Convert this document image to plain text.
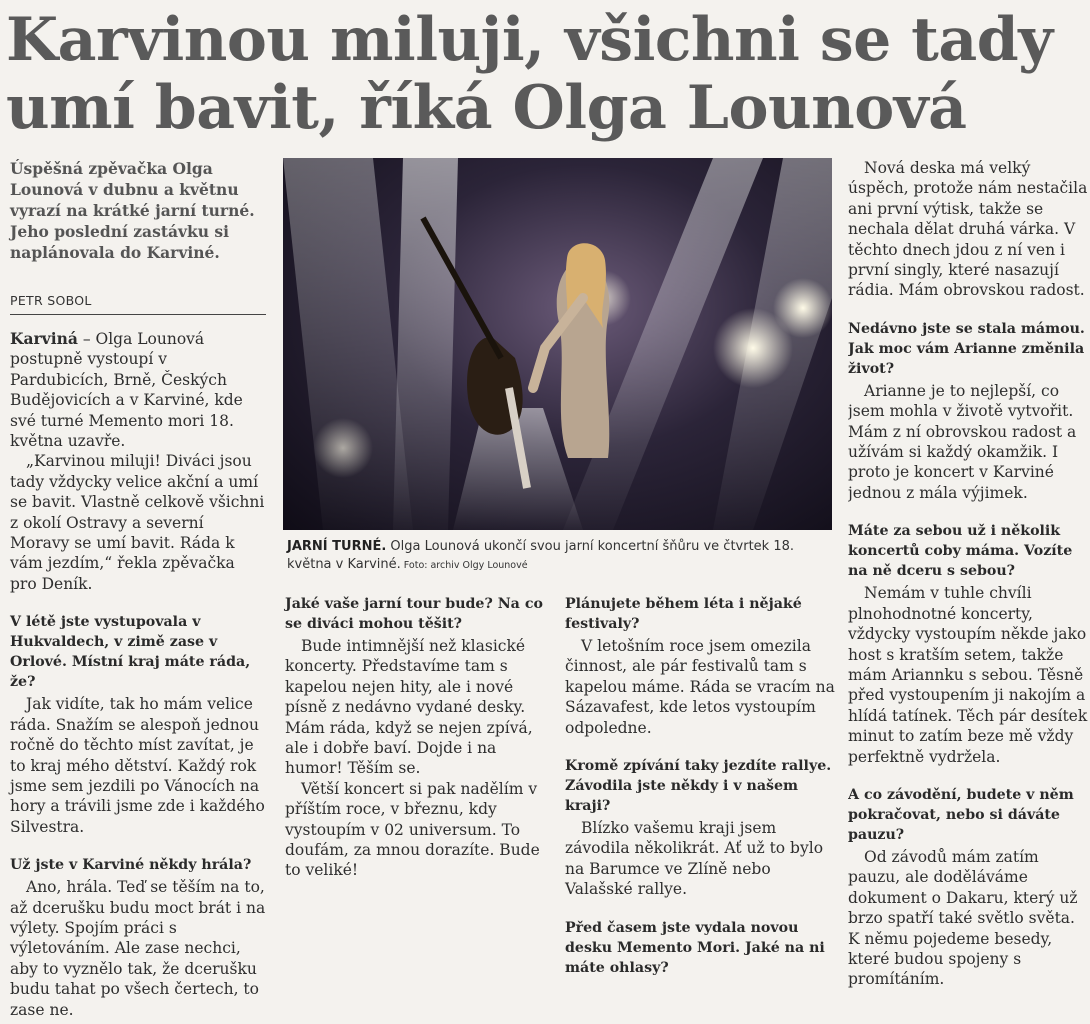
Karvinou miluji, všichni se tady
umí bavit, říká Olga Lounová

Úspěšná zpěvačka Olga Lounová v dubnu a květnu vyrazí na krátké jarní turné. Jeho poslední zastávku si naplánovala do Karviné.

PETR SOBOL

Karviná – Olga Lounová postupně vystoupí v Pardubicích, Brně, Českých Budějovicích a v Karviné, kde své turné Memento mori 18. května uzavře.

„Karvinou miluji! Diváci jsou tady vždycky velice akční a umí se bavit. Vlastně celkově všichni z okolí Ostravy a severní Moravy se umí bavit. Ráda k vám jezdím,“ řekla zpěvačka pro Deník.

V létě jste vystupovala v Hukvaldech, v zimě zase v Orlové. Místní kraj máte ráda, že?

Jak vidíte, tak ho mám velice ráda. Snažím se alespoň jednou ročně do těchto míst zavítat, je to kraj mého dětství. Každý rok jsme sem jezdili po Vánocích na hory a trávili jsme zde i každého Silvestra.

Už jste v Karviné někdy hrála?

Ano, hrála. Teď se těším na to, až dcerušku budu moct brát i na výlety. Spojím práci s výletováním. Ale zase nechci, aby to vyznělo tak, že dcerušku budu tahat po všech čertech, to zase ne.

JARNÍ TURNÉ. Olga Lounová ukončí svou jarní koncertní šňůru ve čtvrtek 18. května v Karviné. Foto: archiv Olgy Lounové

Jaké vaše jarní tour bude? Na co se diváci mohou těšit?

Bude intimnější než klasické koncerty. Představíme tam s kapelou nejen hity, ale i nové písně z nedávno vydané desky. Mám ráda, když se nejen zpívá, ale i dobře baví. Dojde i na humor! Těším se.

Větší koncert si pak nadělím v příštím roce, v březnu, kdy vystoupím v 02 universum. To doufám, za mnou dorazíte. Bude to veliké!

Plánujete během léta i nějaké festivaly?

V letošním roce jsem omezila činnost, ale pár festivalů tam s kapelou máme. Ráda se vracím na Sázavafest, kde letos vystoupím odpoledne.

Kromě zpívání taky jezdíte rallye. Závodila jste někdy i v našem kraji?

Blízko vašemu kraji jsem závodila několikrát. Ať už to bylo na Barumce ve Zlíně nebo Valašské rallye.

Před časem jste vydala novou desku Memento Mori. Jaké na ni máte ohlasy?

Nová deska má velký úspěch, protože nám nestačila ani první výtisk, takže se nechala dělat druhá várka. V těchto dnech jdou z ní ven i první singly, které nasazují rádia. Mám obrovskou radost.

Nedávno jste se stala mámou. Jak moc vám Arianne změnila život?

Arianne je to nejlepší, co jsem mohla v životě vytvořit. Mám z ní obrovskou radost a užívám si každý okamžik. I proto je koncert v Karviné jednou z mála výjimek.

Máte za sebou už i několik koncertů coby máma. Vozíte na ně dceru s sebou?

Nemám v tuhle chvíli plnohodnotné koncerty, vždycky vystoupím někde jako host s kratším setem, takže mám Ariannku s sebou. Těsně před vystoupením ji nakojím a hlídá tatínek. Těch pár desítek minut to zatím beze mě vždy perfektně vydržela.

A co závodění, budete v něm pokračovat, nebo si dáváte pauzu?

Od závodů mám zatím pauzu, ale doděláváme dokument o Dakaru, který už brzo spatří také světlo světa. K němu pojedeme besedy, které budou spojeny s promítáním.
